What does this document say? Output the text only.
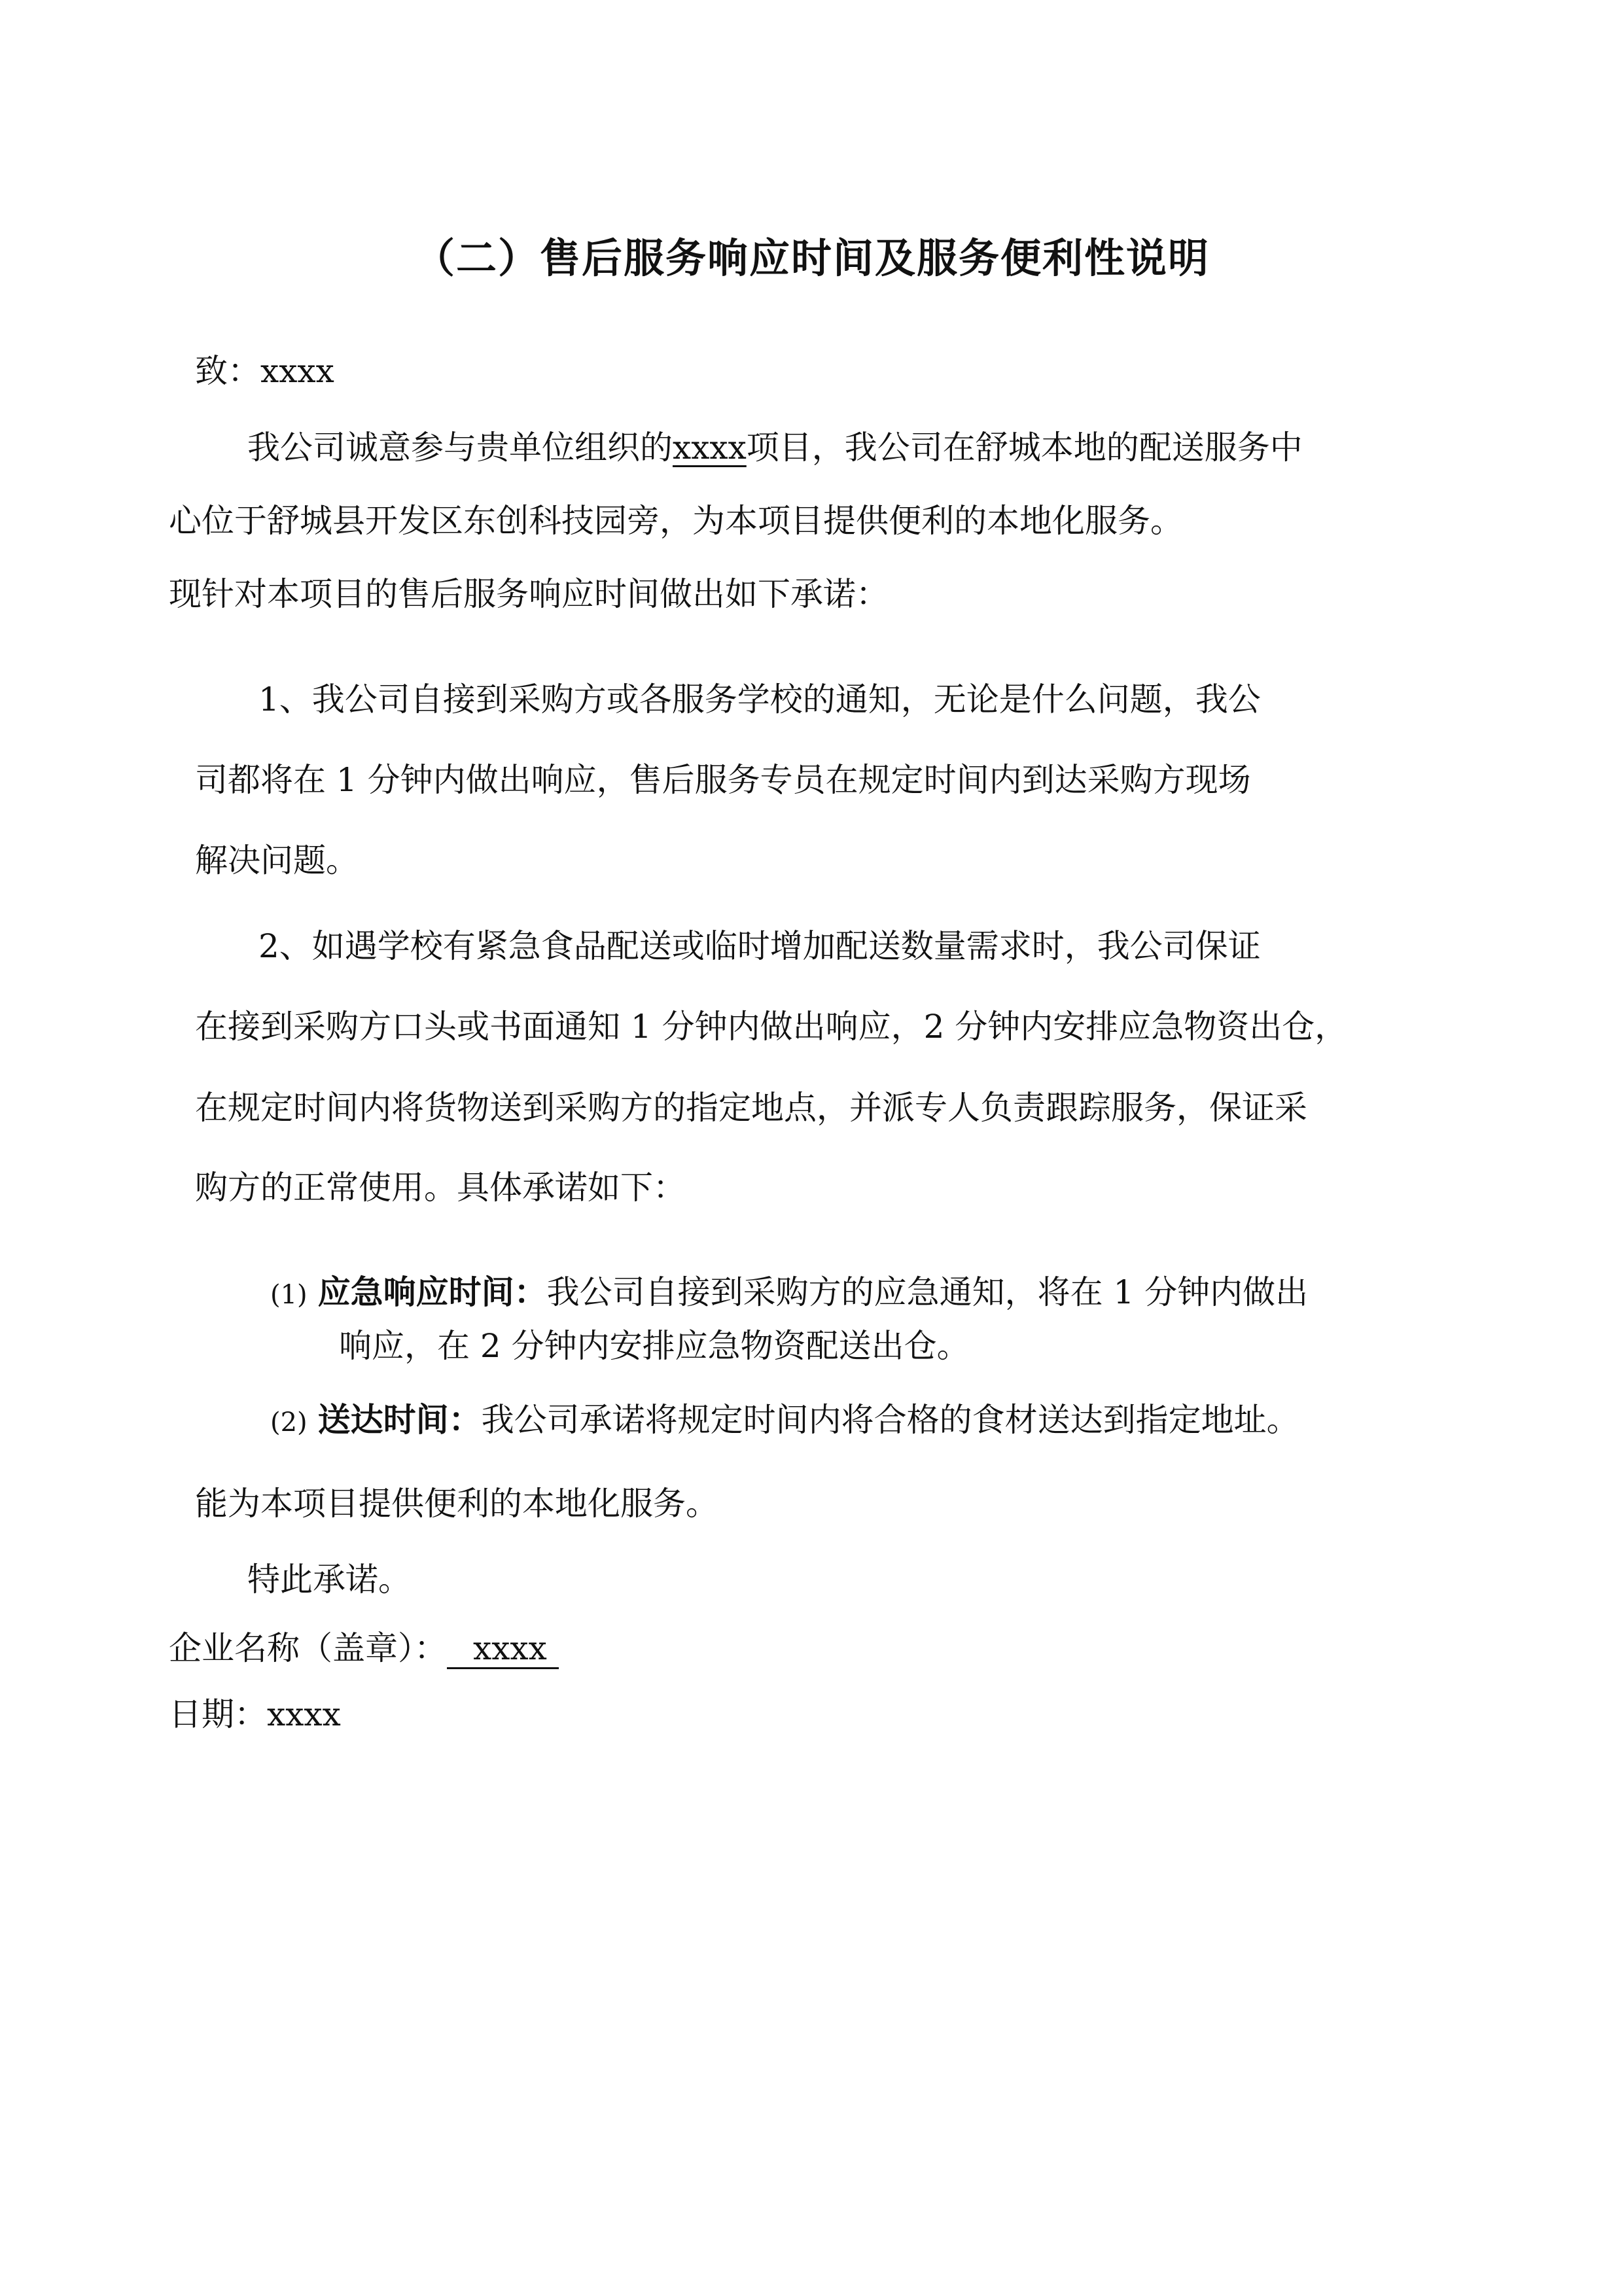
（二）售后服务响应时间及服务便利性说明
致：xxxx
我公司诚意参与贵单位组织的xxxx项目，我公司在舒城本地的配送服务中
心位于舒城县开发区东创科技园旁，为本项目提供便利的本地化服务。
现针对本项目的售后服务响应时间做出如下承诺：
1、我公司自接到采购方或各服务学校的通知，无论是什么问题，我公
司都将在 1 分钟内做出响应，售后服务专员在规定时间内到达采购方现场
解决问题。
2、如遇学校有紧急食品配送或临时增加配送数量需求时，我公司保证
在接到采购方口头或书面通知 1 分钟内做出响应，2 分钟内安排应急物资出仓，
在规定时间内将货物送到采购方的指定地点，并派专人负责跟踪服务，保证采
购方的正常使用。具体承诺如下：
(1) 应急响应时间：我公司自接到采购方的应急通知，将在 1 分钟内做出
响应，在 2 分钟内安排应急物资配送出仓。
(2) 送达时间：我公司承诺将规定时间内将合格的食材送达到指定地址。
能为本项目提供便利的本地化服务。
特此承诺。
企业名称（盖章）： xxxx
日期：xxxx
